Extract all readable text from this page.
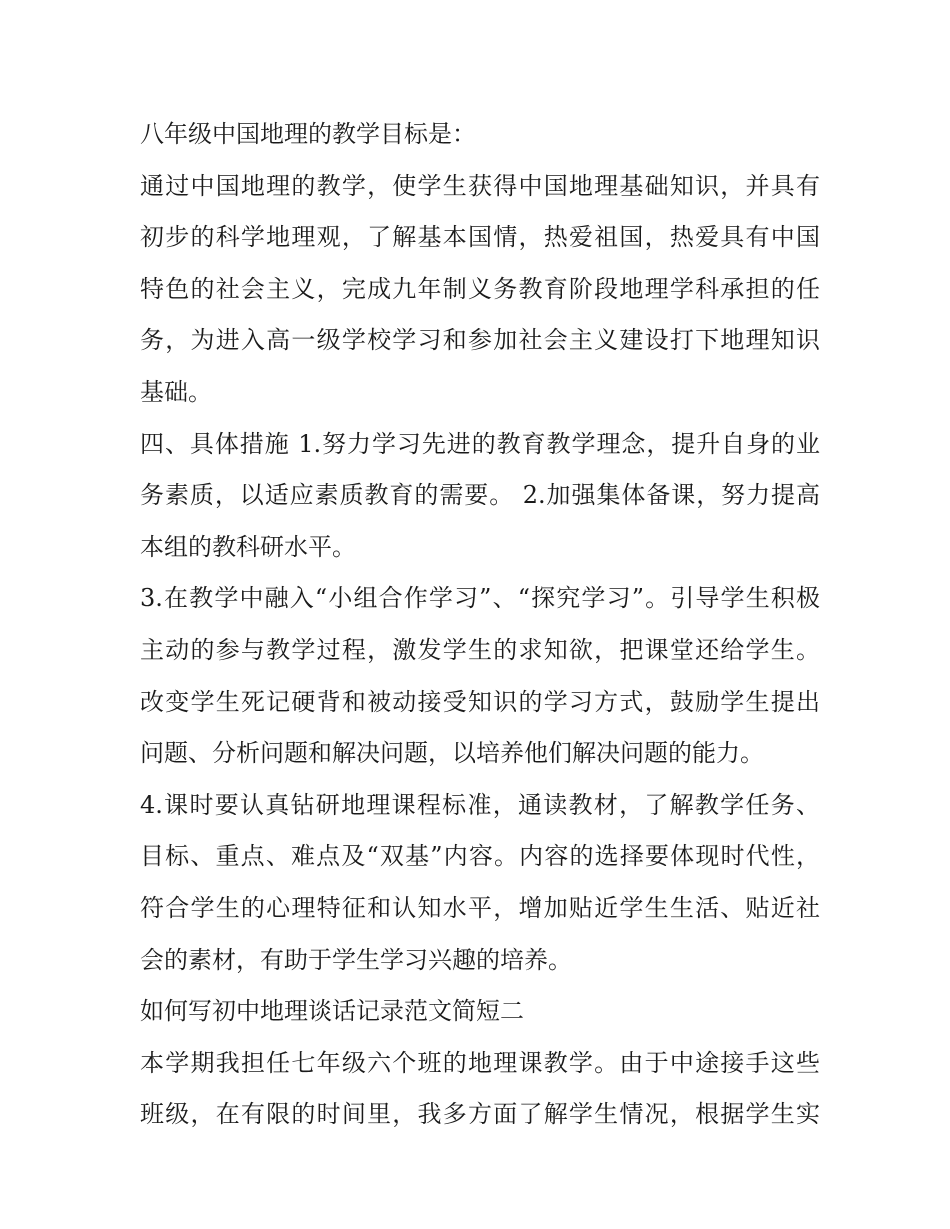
八年级中国地理的教学目标是：
通过中国地理的教学，使学生获得中国地理基础知识，并具有
初步的科学地理观，了解基本国情，热爱祖国，热爱具有中国
特色的社会主义，完成九年制义务教育阶段地理学科承担的任
务，为进入高一级学校学习和参加社会主义建设打下地理知识
基础。
四、具体措施 1.努力学习先进的教育教学理念，提升自身的业
务素质，以适应素质教育的需要。 2.加强集体备课，努力提高
本组的教科研水平。
3.在教学中融入“小组合作学习”、“探究学习”。引导学生积极
主动的参与教学过程，激发学生的求知欲，把课堂还给学生。
改变学生死记硬背和被动接受知识的学习方式，鼓励学生提出
问题、分析问题和解决问题，以培养他们解决问题的能力。
4.课时要认真钻研地理课程标准，通读教材，了解教学任务、
目标、重点、难点及“双基”内容。内容的选择要体现时代性，
符合学生的心理特征和认知水平，增加贴近学生生活、贴近社
会的素材，有助于学生学习兴趣的培养。
如何写初中地理谈话记录范文简短二
本学期我担任七年级六个班的地理课教学。由于中途接手这些
班级，在有限的时间里，我多方面了解学生情况，根据学生实
